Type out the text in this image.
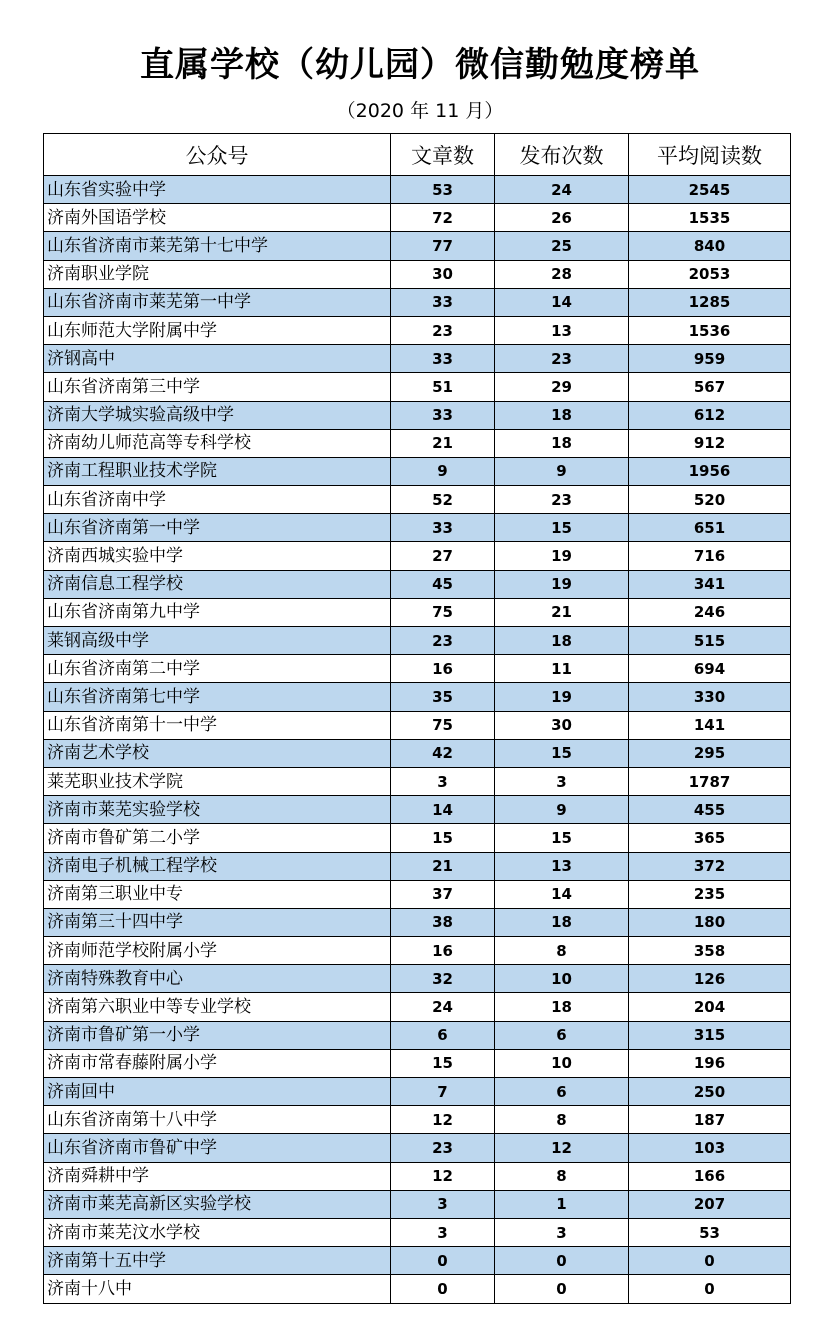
直属学校（幼儿园）微信勤勉度榜单
（2020 年 11 月）
公众号	文章数	发布次数	平均阅读数
山东省实验中学	53	24	2545
济南外国语学校	72	26	1535
山东省济南市莱芜第十七中学	77	25	840
济南职业学院	30	28	2053
山东省济南市莱芜第一中学	33	14	1285
山东师范大学附属中学	23	13	1536
济钢高中	33	23	959
山东省济南第三中学	51	29	567
济南大学城实验高级中学	33	18	612
济南幼儿师范高等专科学校	21	18	912
济南工程职业技术学院	9	9	1956
山东省济南中学	52	23	520
山东省济南第一中学	33	15	651
济南西城实验中学	27	19	716
济南信息工程学校	45	19	341
山东省济南第九中学	75	21	246
莱钢高级中学	23	18	515
山东省济南第二中学	16	11	694
山东省济南第七中学	35	19	330
山东省济南第十一中学	75	30	141
济南艺术学校	42	15	295
莱芜职业技术学院	3	3	1787
济南市莱芜实验学校	14	9	455
济南市鲁矿第二小学	15	15	365
济南电子机械工程学校	21	13	372
济南第三职业中专	37	14	235
济南第三十四中学	38	18	180
济南师范学校附属小学	16	8	358
济南特殊教育中心	32	10	126
济南第六职业中等专业学校	24	18	204
济南市鲁矿第一小学	6	6	315
济南市常春藤附属小学	15	10	196
济南回中	7	6	250
山东省济南第十八中学	12	8	187
山东省济南市鲁矿中学	23	12	103
济南舜耕中学	12	8	166
济南市莱芜高新区实验学校	3	1	207
济南市莱芜汶水学校	3	3	53
济南第十五中学	0	0	0
济南十八中	0	0	0
